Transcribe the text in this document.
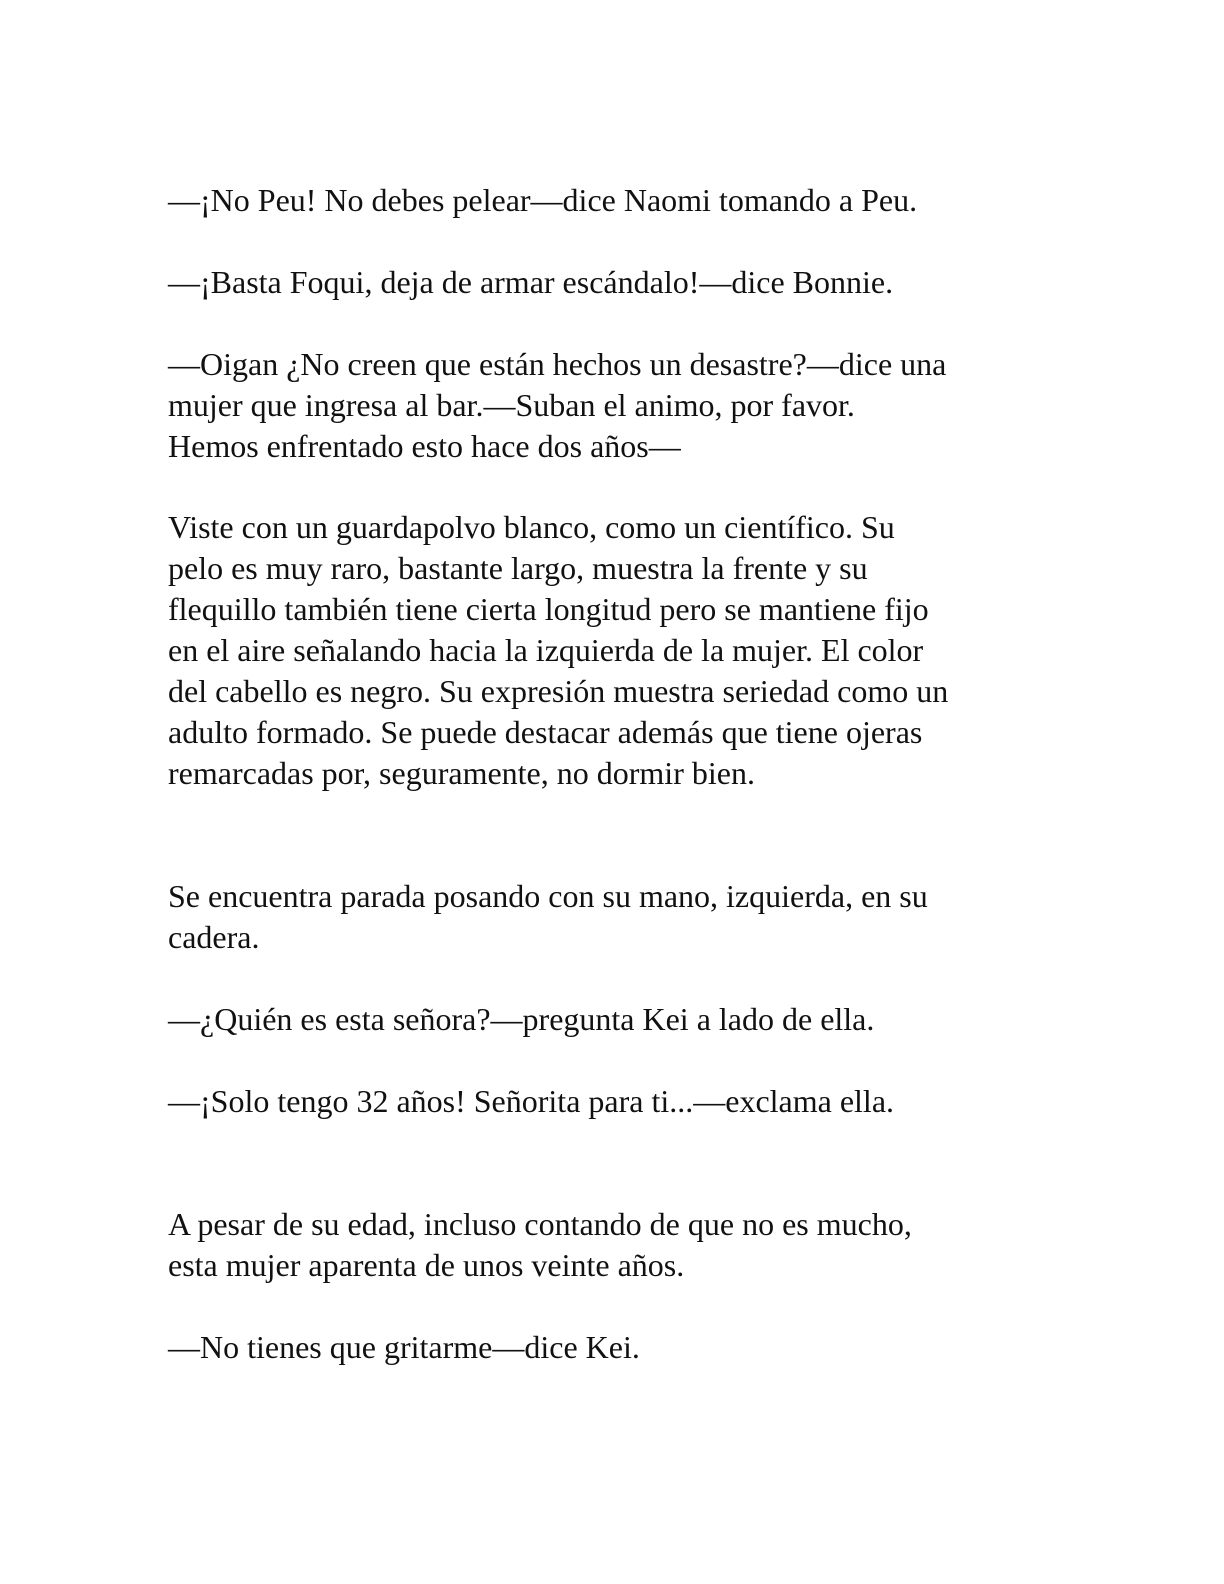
—¡No Peu! No debes pelear—dice Naomi tomando a Peu.

—¡Basta Foqui, deja de armar escándalo!—dice Bonnie.

—Oigan ¿No creen que están hechos un desastre?—dice una
mujer que ingresa al bar.—Suban el animo, por favor.
Hemos enfrentado esto hace dos años—

Viste con un guardapolvo blanco, como un científico. Su
pelo es muy raro, bastante largo, muestra la frente y su
flequillo también tiene cierta longitud pero se mantiene fijo
en el aire señalando hacia la izquierda de la mujer. El color
del cabello es negro. Su expresión muestra seriedad como un
adulto formado. Se puede destacar además que tiene ojeras
remarcadas por, seguramente, no dormir bien.

Se encuentra parada posando con su mano, izquierda, en su
cadera.

—¿Quién es esta señora?—pregunta Kei a lado de ella.

—¡Solo tengo 32 años! Señorita para ti...—exclama ella.

A pesar de su edad, incluso contando de que no es mucho,
esta mujer aparenta de unos veinte años.

—No tienes que gritarme—dice Kei.
